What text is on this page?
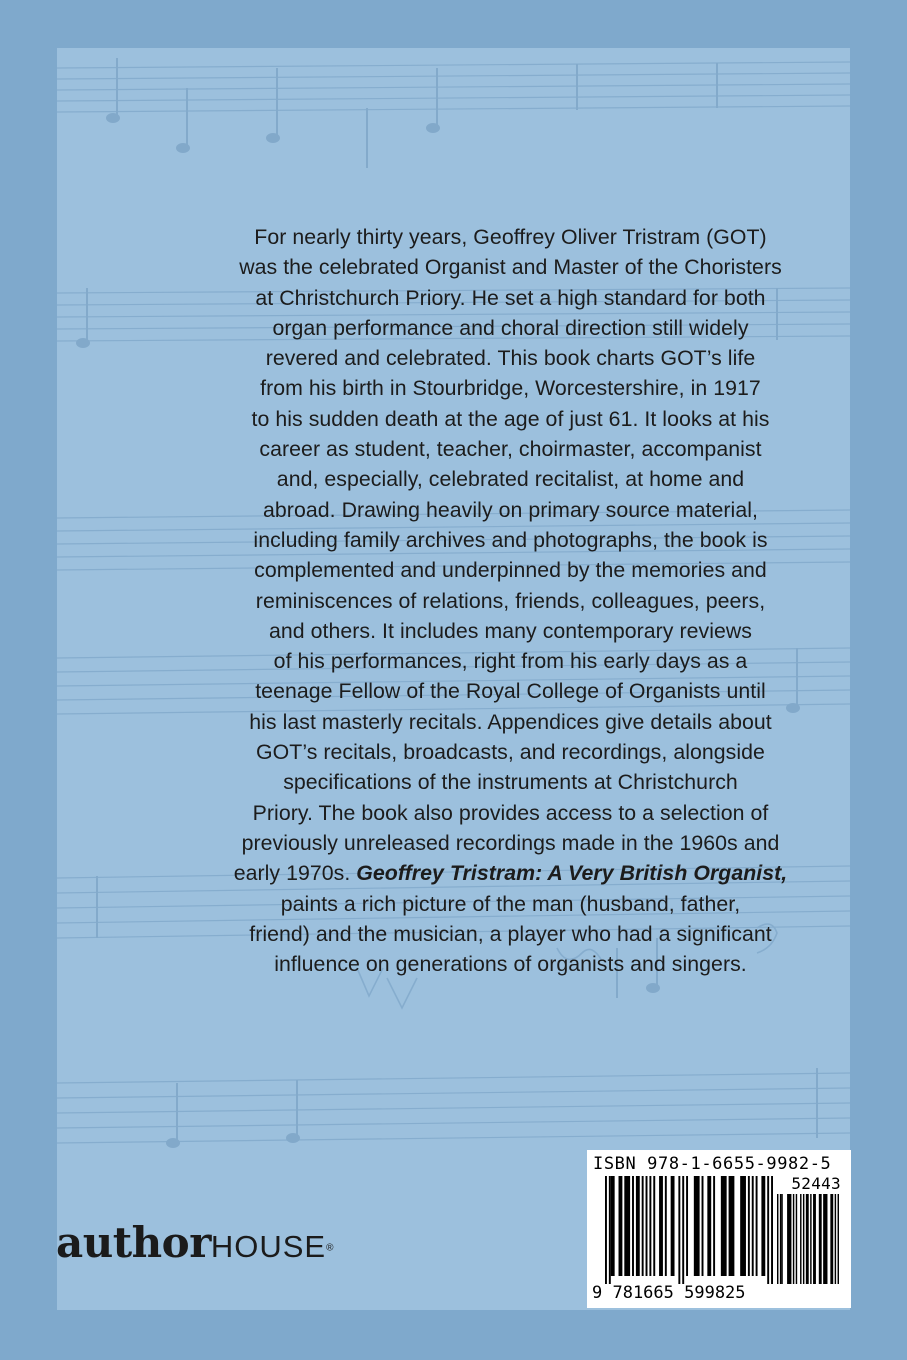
For nearly thirty years, Geoffrey Oliver Tristram (GOT)
was the celebrated Organist and Master of the Choristers
at Christchurch Priory. He set a high standard for both
organ performance and choral direction still widely
revered and celebrated. This book charts GOT’s life
from his birth in Stourbridge, Worcestershire, in 1917
to his sudden death at the age of just 61. It looks at his
career as student, teacher, choirmaster, accompanist
and, especially, celebrated recitalist, at home and
abroad. Drawing heavily on primary source material,
including family archives and photographs, the book is
complemented and underpinned by the memories and
reminiscences of relations, friends, colleagues, peers,
and others. It includes many contemporary reviews
of his performances, right from his early days as a
teenage Fellow of the Royal College of Organists until
his last masterly recitals. Appendices give details about
GOT’s recitals, broadcasts, and recordings, alongside
specifications of the instruments at Christchurch
Priory. The book also provides access to a selection of
previously unreleased recordings made in the 1960s and
early 1970s. Geoffrey Tristram: A Very British Organist,
paints a rich picture of the man (husband, father,
friend) and the musician, a player who had a significant
influence on generations of organists and singers.
authorHOUSE®
ISBN 978-1-6655-9982-5
52443
9 781665 599825
